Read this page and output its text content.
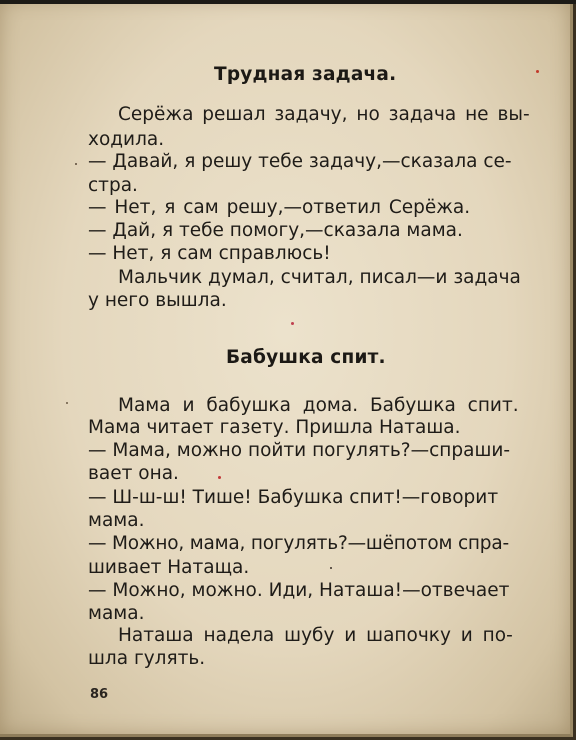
Трудная задача.
Серёжа решал задачу, но задача не вы-
ходила.
— Давай, я решу тебе задачу,—сказала се-
стра.
— Нет, я сам решу,—ответил Серёжа.
— Дай, я тебе помогу,—сказала мама.
— Нет, я сам справлюсь!
Мальчик думал, считал, писал—и задача
у него вышла.
Бабушка спит.
Мама и бабушка дома. Бабушка спит.
Мама читает газету. Пришла Наташа.
— Мама, можно пойти погулять?—спраши-
вает она.
— Ш-ш-ш! Тише! Бабушка спит!—говорит
мама.
— Можно, мама, погулять?—шёпотом спра-
шивает Натаща.
— Можно, можно. Иди, Наташа!—отвечает
мама.
Наташа надела шубу и шапочку и по-
шла гулять.
86
